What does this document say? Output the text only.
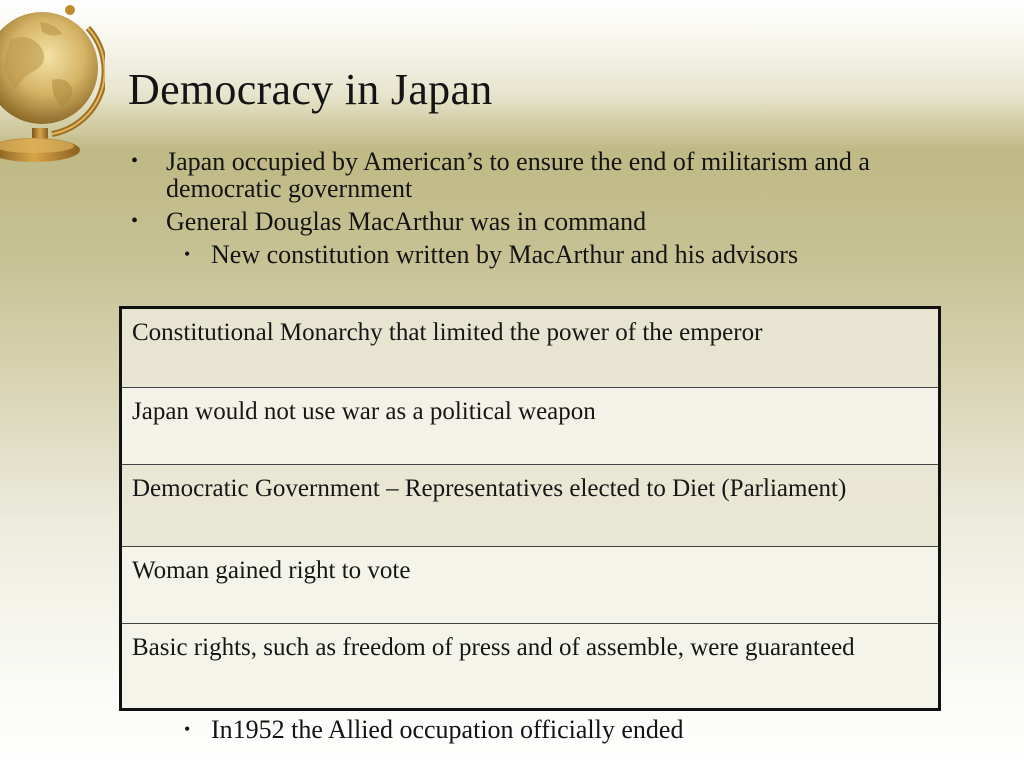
Democracy in Japan
• Japan occupied by American’s to ensure the end of militarism and a democratic government
• General Douglas MacArthur was in command
• New constitution written by MacArthur and his advisors
Constitutional Monarchy that limited the power of the emperor
Japan would not use war as a political weapon
Democratic Government – Representatives elected to Diet (Parliament)
Woman gained right to vote
Basic rights, such as freedom of press and of assemble, were guaranteed
• In1952 the Allied occupation officially ended
